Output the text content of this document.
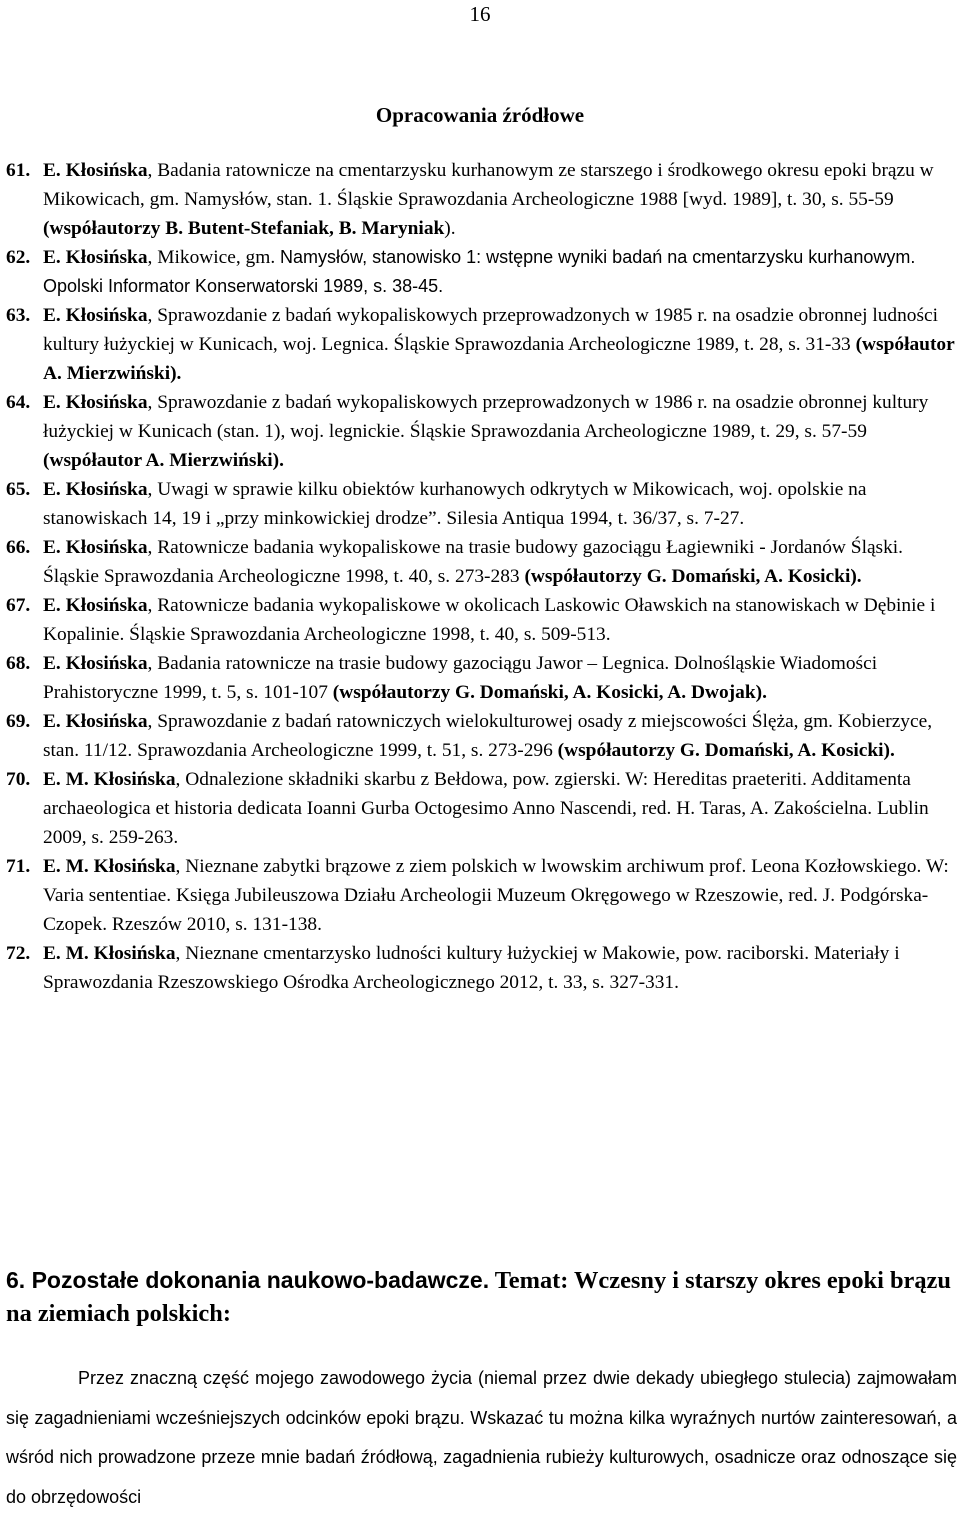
16
Opracowania źródłowe
61. E. Kłosińska, Badania ratownicze na cmentarzysku kurhanowym ze starszego i środkowego okresu epoki brązu w Mikowicach, gm. Namysłów, stan. 1. Śląskie Sprawozdania Archeologiczne 1988 [wyd. 1989], t. 30, s. 55-59 (współautorzy B. Butent-Stefaniak, B. Maryniak).
62. E. Kłosińska, Mikowice, gm. Namysłów, stanowisko 1: wstępne wyniki badań na cmentarzysku kurhanowym. Opolski Informator Konserwatorski 1989, s. 38-45.
63. E. Kłosińska, Sprawozdanie z badań wykopaliskowych przeprowadzonych w 1985 r. na osadzie obronnej ludności kultury łużyckiej w Kunicach, woj. Legnica. Śląskie Sprawozdania Archeologiczne 1989, t. 28, s. 31-33 (współautor A. Mierzwiński).
64. E. Kłosińska, Sprawozdanie z badań wykopaliskowych przeprowadzonych w 1986 r. na osadzie obronnej kultury łużyckiej w Kunicach (stan. 1), woj. legnickie. Śląskie Sprawozdania Archeologiczne 1989, t. 29, s. 57-59 (współautor A. Mierzwiński).
65. E. Kłosińska, Uwagi w sprawie kilku obiektów kurhanowych odkrytych w Mikowicach, woj. opolskie na stanowiskach 14, 19 i „przy minkowickiej drodze”. Silesia Antiqua 1994, t. 36/37, s. 7-27.
66. E. Kłosińska, Ratownicze badania wykopaliskowe na trasie budowy gazociągu Łagiewniki - Jordanów Śląski. Śląskie Sprawozdania Archeologiczne 1998, t. 40, s. 273-283 (współautorzy G. Domański, A. Kosicki).
67. E. Kłosińska, Ratownicze badania wykopaliskowe w okolicach Laskowic Oławskich na stanowiskach w Dębinie i Kopalinie. Śląskie Sprawozdania Archeologiczne 1998, t. 40, s. 509-513.
68. E. Kłosińska, Badania ratownicze na trasie budowy gazociągu Jawor – Legnica. Dolnośląskie Wiadomości Prahistoryczne 1999, t. 5, s. 101-107 (współautorzy G. Domański, A. Kosicki, A. Dwojak).
69. E. Kłosińska, Sprawozdanie z badań ratowniczych wielokulturowej osady z miejscowości Ślęża, gm. Kobierzyce, stan. 11/12. Sprawozdania Archeologiczne 1999, t. 51, s. 273-296 (współautorzy G. Domański, A. Kosicki).
70. E. M. Kłosińska, Odnalezione składniki skarbu z Bełdowa, pow. zgierski. W: Hereditas praeteriti. Additamenta archaeologica et historia dedicata Ioanni Gurba Octogesimo Anno Nascendi, red. H. Taras, A. Zakościelna. Lublin 2009, s. 259-263.
71. E. M. Kłosińska, Nieznane zabytki brązowe z ziem polskich w lwowskim archiwum prof. Leona Kozłowskiego. W: Varia sententiae. Księga Jubileuszowa Działu Archeologii Muzeum Okręgowego w Rzeszowie, red. J. Podgórska-Czopek. Rzeszów 2010, s. 131-138.
72. E. M. Kłosińska, Nieznane cmentarzysko ludności kultury łużyckiej w Makowie, pow. raciborski. Materiały i Sprawozdania Rzeszowskiego Ośrodka Archeologicznego 2012, t. 33, s. 327-331.
6. Pozostałe dokonania naukowo-badawcze. Temat: Wczesny i starszy okres epoki brązu na ziemiach polskich:

Przez znaczną część mojego zawodowego życia (niemal przez dwie dekady ubiegłego stulecia) zajmowałam się zagadnieniami wcześniejszych odcinków epoki brązu. Wskazać tu można kilka wyraźnych nurtów zainteresowań, a wśród nich prowadzone przeze mnie badań źródłową, zagadnienia rubieży kulturowych, osadnicze oraz odnoszące się do obrzędowości
